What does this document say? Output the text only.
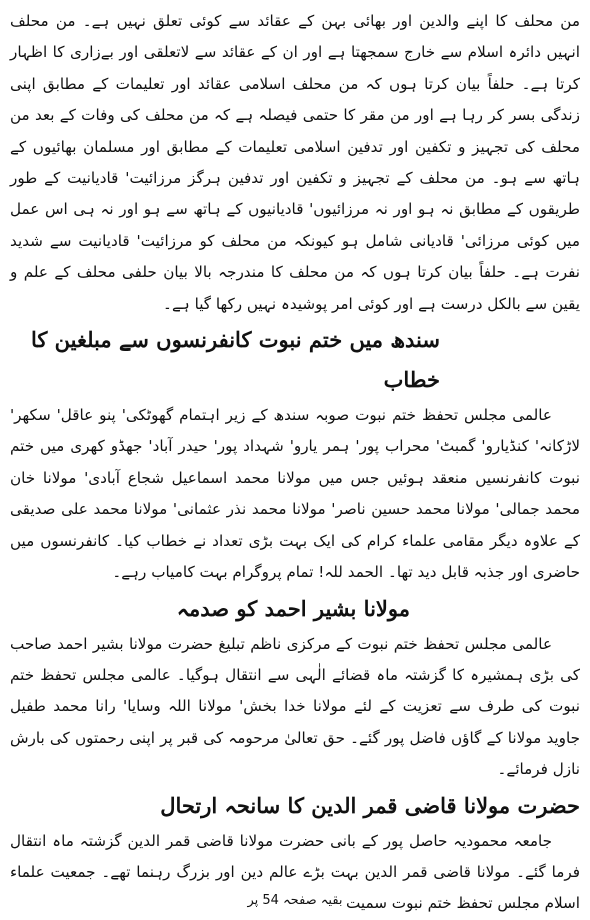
من محلف کا اپنے والدین اور بھائی بہن کے عقائد سے کوئی تعلق نہیں ہے۔ من محلف انہیں دائرہ اسلام سے خارج سمجھتا ہے اور ان کے عقائد سے لاتعلقی اور بےزاری کا اظہار کرتا ہے۔ حلفاً بیان کرتا ہوں کہ من محلف اسلامی عقائد اور تعلیمات کے مطابق اپنی زندگی بسر کر رہا ہے اور من مقر کا حتمی فیصلہ ہے کہ من محلف کی وفات کے بعد من محلف کی تجہیز و تکفین اور تدفین اسلامی تعلیمات کے مطابق اور مسلمان بھائیوں کے ہاتھ سے ہو۔ من محلف کے تجہیز و تکفین اور تدفین ہرگز مرزائیت' قادیانیت کے طور طریقوں کے مطابق نہ ہو اور نہ مرزائیوں' قادیانیوں کے ہاتھ سے ہو اور نہ ہی اس عمل میں کوئی مرزائی' قادیانی شامل ہو کیونکہ من محلف کو مرزائیت' قادیانیت سے شدید نفرت ہے۔ حلفاً بیان کرتا ہوں کہ من محلف کا مندرجہ بالا بیان حلفی محلف کے علم و یقین سے بالکل درست ہے اور کوئی امر پوشیدہ نہیں رکھا گیا ہے۔

سندھ میں ختم نبوت کانفرنسوں سے مبلغین کا خطاب

عالمی مجلس تحفظ ختم نبوت صوبہ سندھ کے زیر اہتمام گھوٹکی' پنو عاقل' سکھر' لاڑکانہ' کنڈیارو' گمبٹ' محراب پور' ہمر یارو' شہداد پور' حیدر آباد' جھڈو کھری میں ختم نبوت کانفرنسیں منعقد ہوئیں جس میں مولانا محمد اسماعیل شجاع آبادی' مولانا خان محمد جمالی' مولانا محمد حسین ناصر' مولانا محمد نذر عثمانی' مولانا محمد علی صدیقی کے علاوہ دیگر مقامی علماء کرام کی ایک بہت بڑی تعداد نے خطاب کیا۔ کانفرنسوں میں حاضری اور جذبہ قابل دید تھا۔ الحمد للہ! تمام پروگرام بہت کامیاب رہے۔

مولانا بشیر احمد کو صدمہ

عالمی مجلس تحفظ ختم نبوت کے مرکزی ناظم تبلیغ حضرت مولانا بشیر احمد صاحب کی بڑی ہمشیرہ کا گزشتہ ماہ قضائے الٰہی سے انتقال ہوگیا۔ عالمی مجلس تحفظ ختم نبوت کی طرف سے تعزیت کے لئے مولانا خدا بخش' مولانا اللہ وسایا' رانا محمد طفیل جاوید مولانا کے گاؤں فاضل پور گئے۔ حق تعالیٰ مرحومہ کی قبر پر اپنی رحمتوں کی بارش نازل فرمائے۔

حضرت مولانا قاضی قمر الدین کا سانحہ ارتحال

جامعہ محمودیہ حاصل پور کے بانی حضرت مولانا قاضی قمر الدین گزشتہ ماہ انتقال فرما گئے۔ مولانا قاضی قمر الدین بہت بڑے عالم دین اور بزرگ رہنما تھے۔ جمعیت علماء اسلام مجلس تحفظ ختم نبوت سمیت

بقیہ صفحہ 54 پر
